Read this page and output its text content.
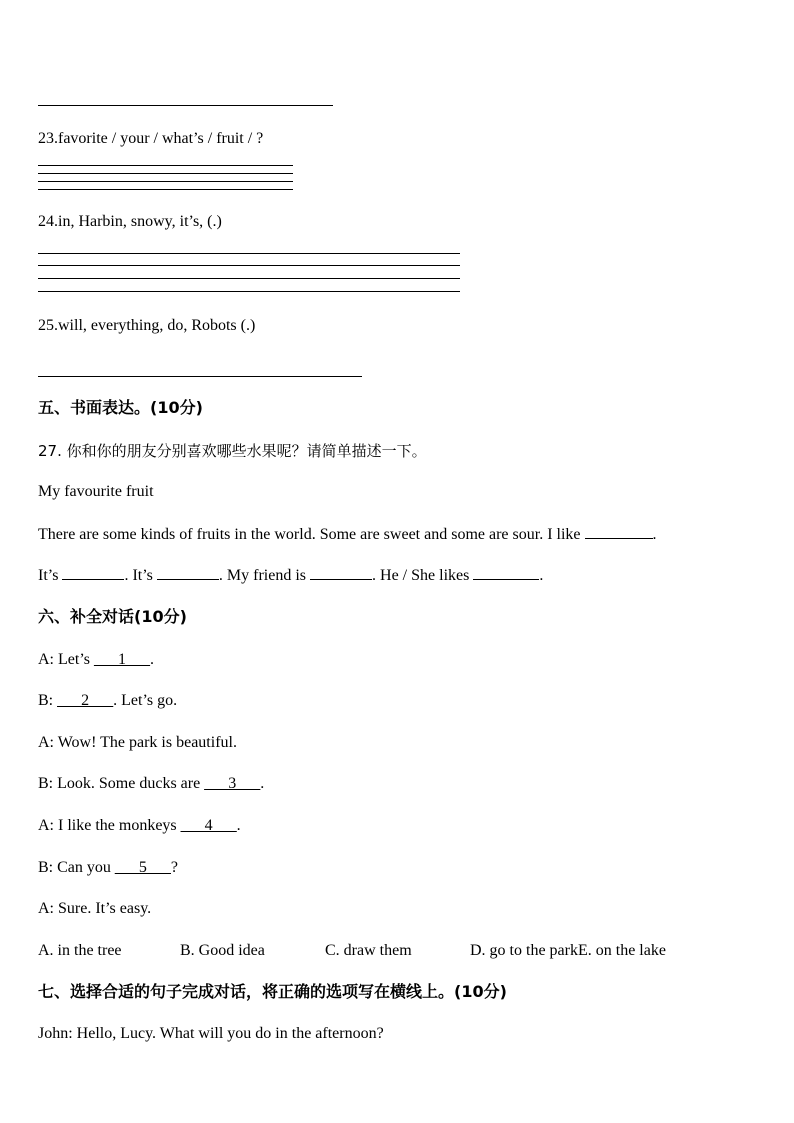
23.favorite / your / what’s / fruit / ?
24.in, Harbin, snowy, it’s, (.)
25.will, everything, do, Robots (.)
五、书面表达。(10分)
27. 你和你的朋友分别喜欢哪些水果呢？请简单描述一下。
My favourite fruit
There are some kinds of fruits in the world. Some are sweet and some are sour. I like	.
It’s	. It’s	. My friend is	. He / She likes	.
六、补全对话(10分)
A: Let’s ___1___.
B: ___2___. Let’s go.
A: Wow! The park is beautiful.
B: Look. Some ducks are ___3___.
A: I like the monkeys ___4___.
B: Can you ___5___?
A: Sure. It’s easy.
A. in the tree	B. Good idea	C. draw them	D. go to the parkE. on the lake
七、选择合适的句子完成对话，将正确的选项写在横线上。(10分)
John: Hello, Lucy. What will you do in the afternoon?
